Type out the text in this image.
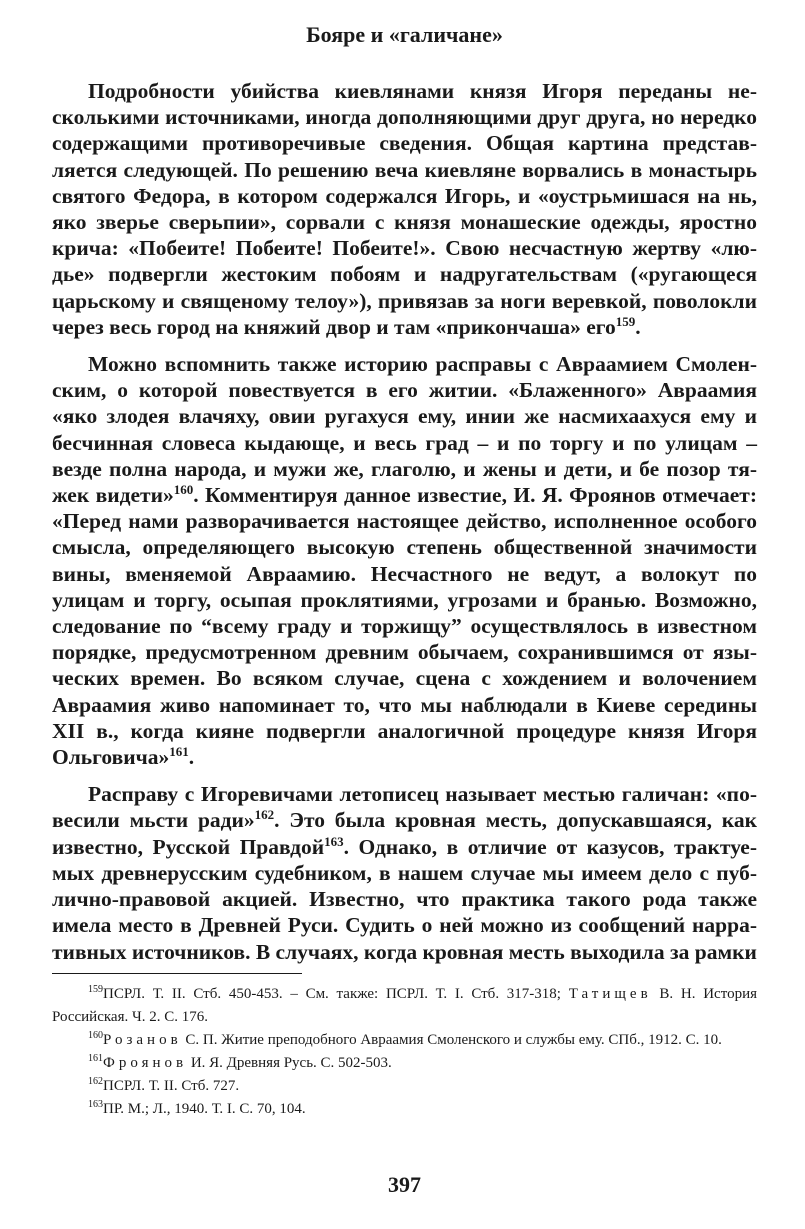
Бояре и «галичане»

Подробности убийства киевлянами князя Игоря переданы несколькими источниками, иногда дополняющими друг друга, но нередко содержащими противоречивые сведения. Общая картина представляется следующей. По решению веча киевляне ворвались в монастырь святого Федора, в котором содержался Игорь, и «оустрьмишася на нь, яко зверье сверьпии», сорвали с князя монашеские одежды, яростно крича: «Побеите! Побеите! Побеите!». Свою несчастную жертву «людье» подвергли жестоким побоям и надругательствам («ругающеся царьскому и священому телоу»), привязав за ноги веревкой, поволокли через весь город на княжий двор и там «прикончаша» его$^{159}$.

Можно вспомнить также историю расправы с Авраамием Смоленским, о которой повествуется в его житии. «Блаженного» Авраамия «яко злодея влачяху, овии ругахуся ему, инии же насмихаахуся ему и бесчинная словеса кыдающе, и весь град – и по торгу и по улицам – везде полна народа, и мужи же, глаголю, и жены и дети, и бе позор тяжек видети»$^{160}$. Комментируя данное известие, И. Я. Фроянов отмечает: «Перед нами разворачивается настоящее действо, исполненное особого смысла, определяющего высокую степень общественной значимости вины, вменяемой Авраамию. Несчастного не ведут, а волокут по улицам и торгу, осыпая проклятиями, угрозами и бранью. Возможно, следование по “всему граду и торжищу” осуществлялось в известном порядке, предусмотренном древним обычаем, сохранившимся от языческих времен. Во всяком случае, сцена с хождением и волочением Авраамия живо напоминает то, что мы наблюдали в Киеве середины XII в., когда кияне подвергли аналогичной процедуре князя Игоря Ольговича»$^{161}$.

Расправу с Игоревичами летописец называет местью галичан: «повесили мьсти ради»$^{162}$. Это была кровная месть, допускавшаяся, как известно, Русской Правдой$^{163}$. Однако, в отличие от казусов, трактуемых древнерусским судебником, в нашем случае мы имеем дело с публично-правовой акцией. Известно, что практика такого рода также имела место в Древней Руси. Судить о ней можно из сообщений нарративных источников. В случаях, когда кровная месть выходила за рамки

$^{159}$ПСРЛ. Т. II. Стб. 450-453. – См. также: ПСРЛ. Т. I. Стб. 317-318; Татищев В. Н. История Российская. Ч. 2. С. 176.

$^{160}$Розанов С. П. Житие преподобного Авраамия Смоленского и службы ему. СПб., 1912. С. 10.

$^{161}$Фроянов И. Я. Древняя Русь. С. 502-503.

$^{162}$ПСРЛ. Т. II. Стб. 727.

$^{163}$ПР. М.; Л., 1940. Т. I. С. 70, 104.

397
